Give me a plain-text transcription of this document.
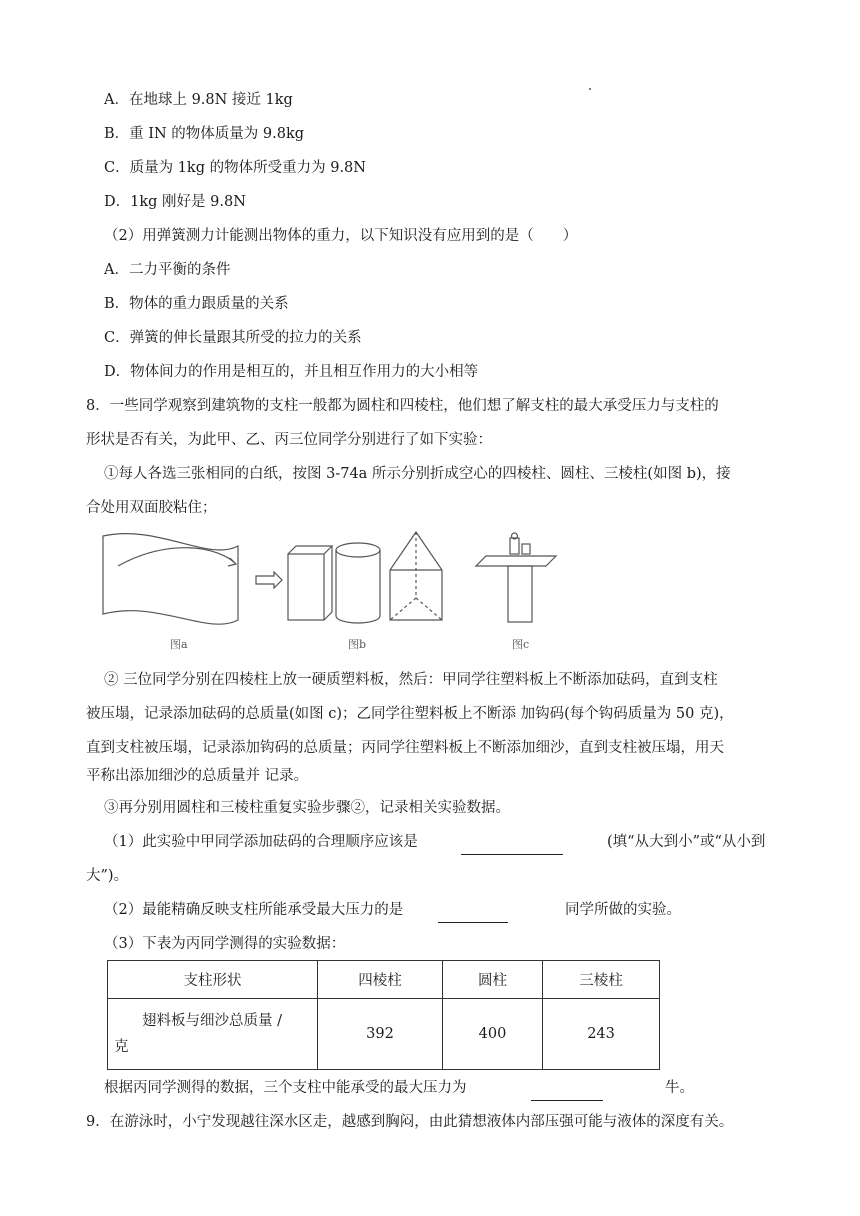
A．在地球上 9.8N 接近 1kg
B．重 IN 的物体质量为 9.8kg
C．质量为 1kg 的物体所受重力为 9.8N
D．1kg 刚好是 9.8N
（2）用弹簧测力计能测出物体的重力，以下知识没有应用到的是（　　）
A．二力平衡的条件
B．物体的重力跟质量的关系
C．弹簧的伸长量跟其所受的拉力的关系
D．物体间力的作用是相互的，并且相互作用力的大小相等
8．一些同学观察到建筑物的支柱一般都为圆柱和四棱柱，他们想了解支柱的最大承受压力与支柱的
形状是否有关，为此甲、乙、丙三位同学分别进行了如下实验：
①每人各选三张相同的白纸，按图 3-74a 所示分别折成空心的四棱柱、圆柱、三棱柱(如图 b)，接
合处用双面胶粘住；
图a	图b	图c
② 三位同学分别在四棱柱上放一硬质塑料板，然后：甲同学往塑料板上不断添加砝码，直到支柱
被压塌，记录添加砝码的总质量(如图 c)；乙同学往塑料板上不断添 加钩码(每个钩码质量为 50 克)，
直到支柱被压塌，记录添加钩码的总质量；丙同学往塑料板上不断添加细沙，直到支柱被压塌，用天
平称出添加细沙的总质量并 记录。
③再分别用圆柱和三棱柱重复实验步骤②，记录相关实验数据。
（1）此实验中甲同学添加砝码的合理顺序应该是	(填“从大到小”或“从小到
大”)。
（2）最能精确反映支柱所能承受最大压力的是	同学所做的实验。
（3）下表为丙同学测得的实验数据：
支柱形状	四棱柱	圆柱	三棱柱

翅料板与细沙总质量 /
克	392	400	243
根据丙同学测得的数据，三个支柱中能承受的最大压力为	牛。
9．在游泳时，小宁发现越往深水区走，越感到胸闷，由此猜想液体内部压强可能与液体的深度有关。
